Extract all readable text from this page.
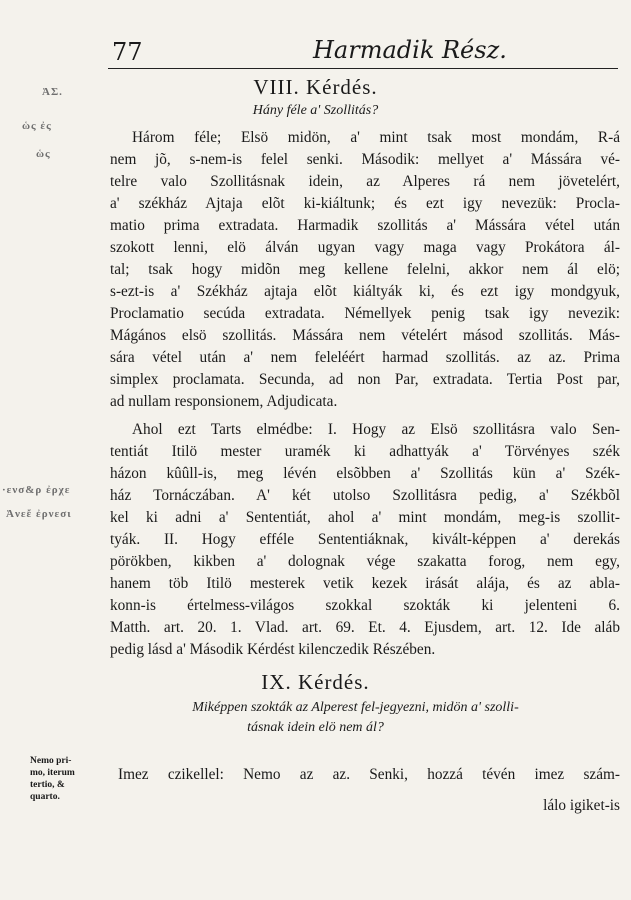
77	Harmadik Rész.
ἈΣ.
ὡς ἐς
ὡς
·ενσ&ρ ἐρχε
Ἀνεἔ ἐρνεσι
VIII. Kérdés.
Hány féle a' Szollitás?
Három féle; Elsö midön, a' mint tsak most mondám, R-á
nem jõ, s-nem-is felel senki. Második: mellyet a' Mássára vé-
telre valo Szollitásnak idein, az Alperes rá nem jövetelért,
a' székház Ajtaja elõt ki-kiáltunk; és ezt igy nevezük: Procla-
matio prima extradata. Harmadik szollitás a' Mássára vétel után
szokott lenni, elö álván ugyan vagy maga vagy Prokátora ál-
tal; tsak hogy midõn meg kellene felelni, akkor nem ál elö;
s-ezt-is a' Székház ajtaja elõt kiáltyák ki, és ezt igy mondgyuk,
Proclamatio secúda extradata. Némellyek penig tsak igy nevezik:
Mágános elsö szollitás. Mássára nem vételért másod szollitás. Más-
sára vétel után a' nem feleléért harmad szollitás. az az. Prima
simplex proclamata. Secunda, ad non Par, extradata. Tertia Post par,
ad nullam responsionem, Adjudicata.
Ahol ezt Tarts elmédbe: I. Hogy az Elsö szollitásra valo Sen-
tentiát Itilö mester uramék ki adhattyák a' Törvényes szék
házon kûûll-is, meg lévén elsõbben a' Szollitás kün a' Szék-
ház Tornáczában. A' két utolso Szollitásra pedig, a' Székbõl
kel ki adni a' Sententiát, ahol a' mint mondám, meg-is szollit-
tyák. II. Hogy efféle Sententiáknak, kivált-képpen a' derekás
pörökben, kikben a' dolognak vége szakatta forog, nem egy,
hanem töb Itilö mesterek vetik kezek irását alája, és az abla-
konn-is értelmess-világos szokkal szokták ki jelenteni 6.
Matth. art. 20. 1. Vlad. art. 69. Et. 4. Ejusdem, art. 12. Ide aláb
pedig lásd a' Második Kérdést kilenczedik Részében.
IX. Kérdés.
Miképpen szokták az Alperest fel-jegyezni, midön a' szolli-
tásnak idein elö nem ál?
Imez czikellel: Nemo az az. Senki, hozzá tévén imez szám-
lálo igiket-is
Nemo pri-
mo, iterum
tertio, &
quarto.
